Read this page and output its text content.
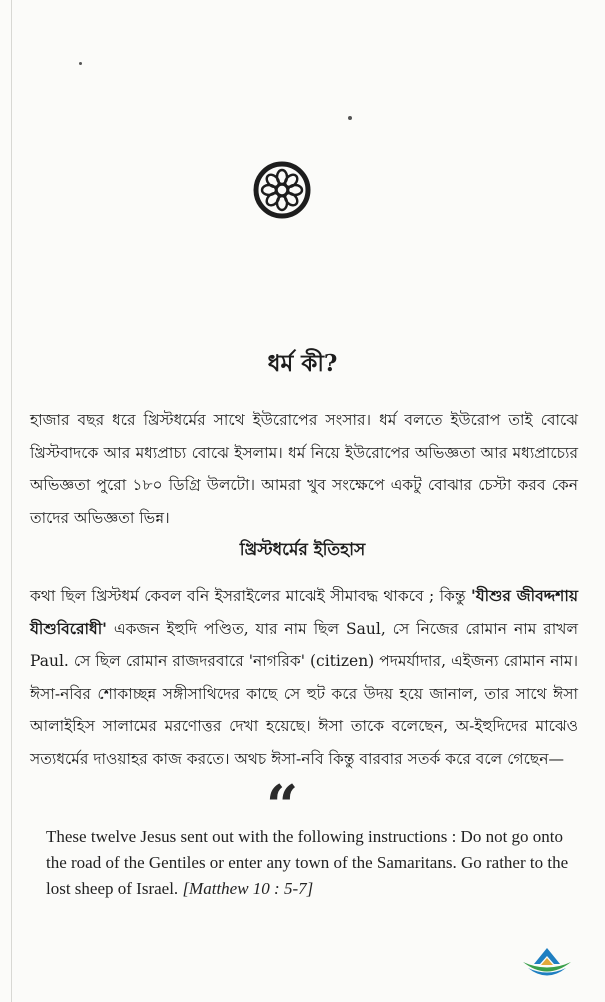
ধর্ম কী?

হাজার বছর ধরে খ্রিস্টধর্মের সাথে ইউরোপের সংসার। ধর্ম বলতে ইউরোপ তাই বোঝে খ্রিস্টবাদকে আর মধ্যপ্রাচ্য বোঝে ইসলাম। ধর্ম নিয়ে ইউরোপের অভিজ্ঞতা আর মধ্যপ্রাচ্যের অভিজ্ঞতা পুরো ১৮০ ডিগ্রি উলটো। আমরা খুব সংক্ষেপে একটু বোঝার চেস্টা করব কেন তাদের অভিজ্ঞতা ভিন্ন।

খ্রিস্টধর্মের ইতিহাস

কথা ছিল খ্রিস্টধর্ম কেবল বনি ইসরাইলের মাঝেই সীমাবদ্ধ থাকবে ; কিন্তু 'যীশুর জীবদ্দশায় যীশুবিরোধী' একজন ইহুদি পণ্ডিত, যার নাম ছিল Saul, সে নিজের রোমান নাম রাখল Paul. সে ছিল রোমান রাজদরবারে 'নাগরিক' (citizen) পদমর্যাদার, এইজন্য রোমান নাম। ঈসা-নবির শোকাচ্ছন্ন সঙ্গীসাথিদের কাছে সে হুট করে উদয় হয়ে জানাল, তার সাথে ঈসা আলাইহিস সালামের মরণোত্তর দেখা হয়েছে। ঈসা তাকে বলেছেন, অ-ইহুদিদের মাঝেও সত্যধর্মের দাওয়াহর কাজ করতে। অথচ ঈসা-নবি কিন্তু বারবার সতর্ক করে বলে গেছেন—

“

These twelve Jesus sent out with the following instructions : Do not go onto the road of the Gentiles or enter any town of the Samaritans. Go rather to the lost sheep of Israel. [Matthew 10 : 5-7]
